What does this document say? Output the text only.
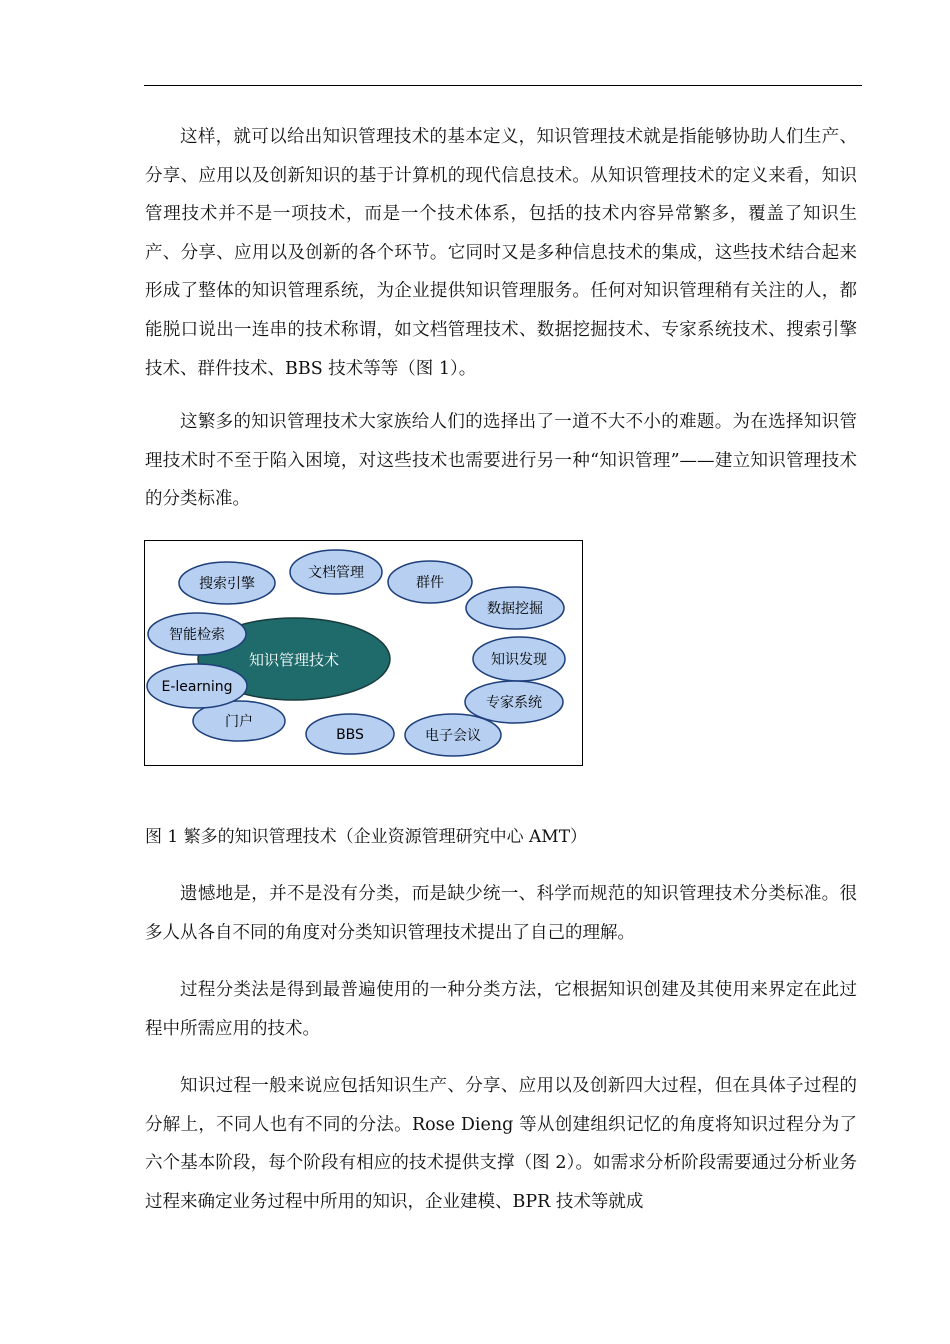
这样，就可以给出知识管理技术的基本定义，知识管理技术就是指能够协助人们生产、分享、应用以及创新知识的基于计算机的现代信息技术。从知识管理技术的定义来看，知识管理技术并不是一项技术，而是一个技术体系，包括的技术内容异常繁多，覆盖了知识生产、分享、应用以及创新的各个环节。它同时又是多种信息技术的集成，这些技术结合起来形成了整体的知识管理系统，为企业提供知识管理服务。任何对知识管理稍有关注的人，都能脱口说出一连串的技术称谓，如文档管理技术、数据挖掘技术、专家系统技术、搜索引擎技术、群件技术、BBS 技术等等（图 1）。

这繁多的知识管理技术大家族给人们的选择出了一道不大不小的难题。为在选择知识管理技术时不至于陷入困境，对这些技术也需要进行另一种“知识管理”——建立知识管理技术的分类标准。

知识管理技术
文档管理
群件
数据挖掘
知识发现
专家系统
电子会议
BBS
门户
E-learning
智能检索
搜索引擎

图 1 繁多的知识管理技术（企业资源管理研究中心 AMT）

遗憾地是，并不是没有分类，而是缺少统一、科学而规范的知识管理技术分类标准。很多人从各自不同的角度对分类知识管理技术提出了自己的理解。

过程分类法是得到最普遍使用的一种分类方法，它根据知识创建及其使用来界定在此过程中所需应用的技术。

知识过程一般来说应包括知识生产、分享、应用以及创新四大过程，但在具体子过程的分解上，不同人也有不同的分法。Rose Dieng 等从创建组织记忆的角度将知识过程分为了六个基本阶段，每个阶段有相应的技术提供支撑（图 2）。如需求分析阶段需要通过分析业务过程来确定业务过程中所用的知识，企业建模、BPR 技术等就成
